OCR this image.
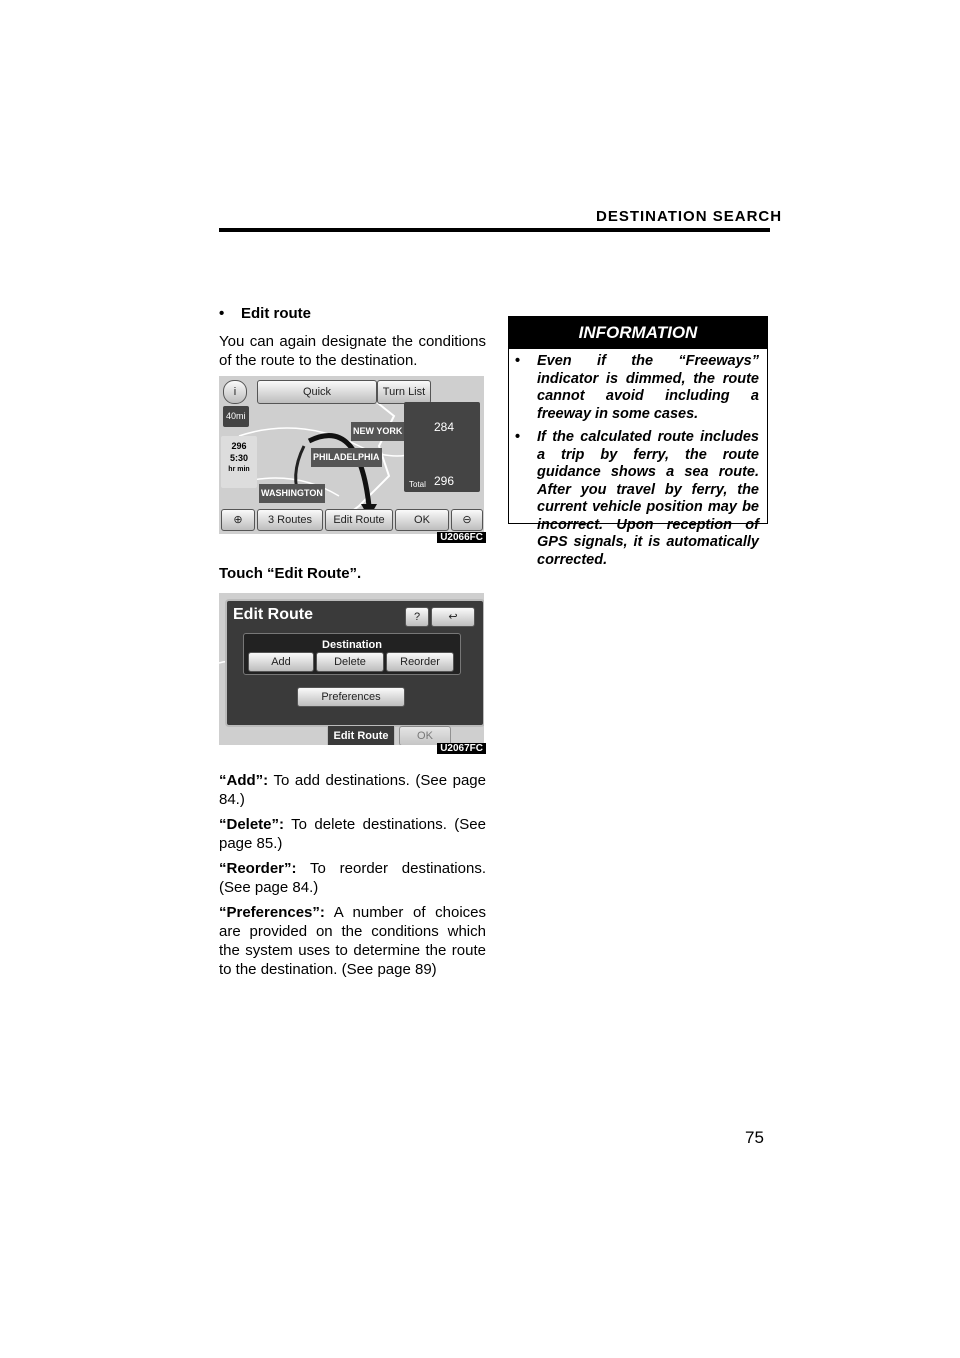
DESTINATION SEARCH
• Edit route

You can again designate the conditions of the route to the destination.

i	Quick	Turn List
40mi
296
5:30
hr min
284
Total 296
NEW YORK
PHILADELPHIA
WASHINGTON
⊕	3 Routes	Edit Route	OK	⊖
U2066FC
Touch “Edit Route”.
Edit Route	?	↩
Destination
Add	Delete	Reorder
Preferences
Edit Route	OK
U2067FC

“Add”: To add destinations. (See page 84.)

“Delete”: To delete destinations. (See page 85.)

“Reorder”: To reorder destinations. (See page 84.)

“Preferences”: A number of choices are provided on the conditions which the system uses to determine the route to the destination. (See page 89)

INFORMATION
•	Even if the “Freeways” indicator is dimmed, the route cannot avoid including a freeway in some cases.
•	If the calculated route includes a trip by ferry, the route guidance shows a sea route. After you travel by ferry, the current vehicle position may be incorrect. Upon reception of GPS signals, it is automatically corrected.
75
